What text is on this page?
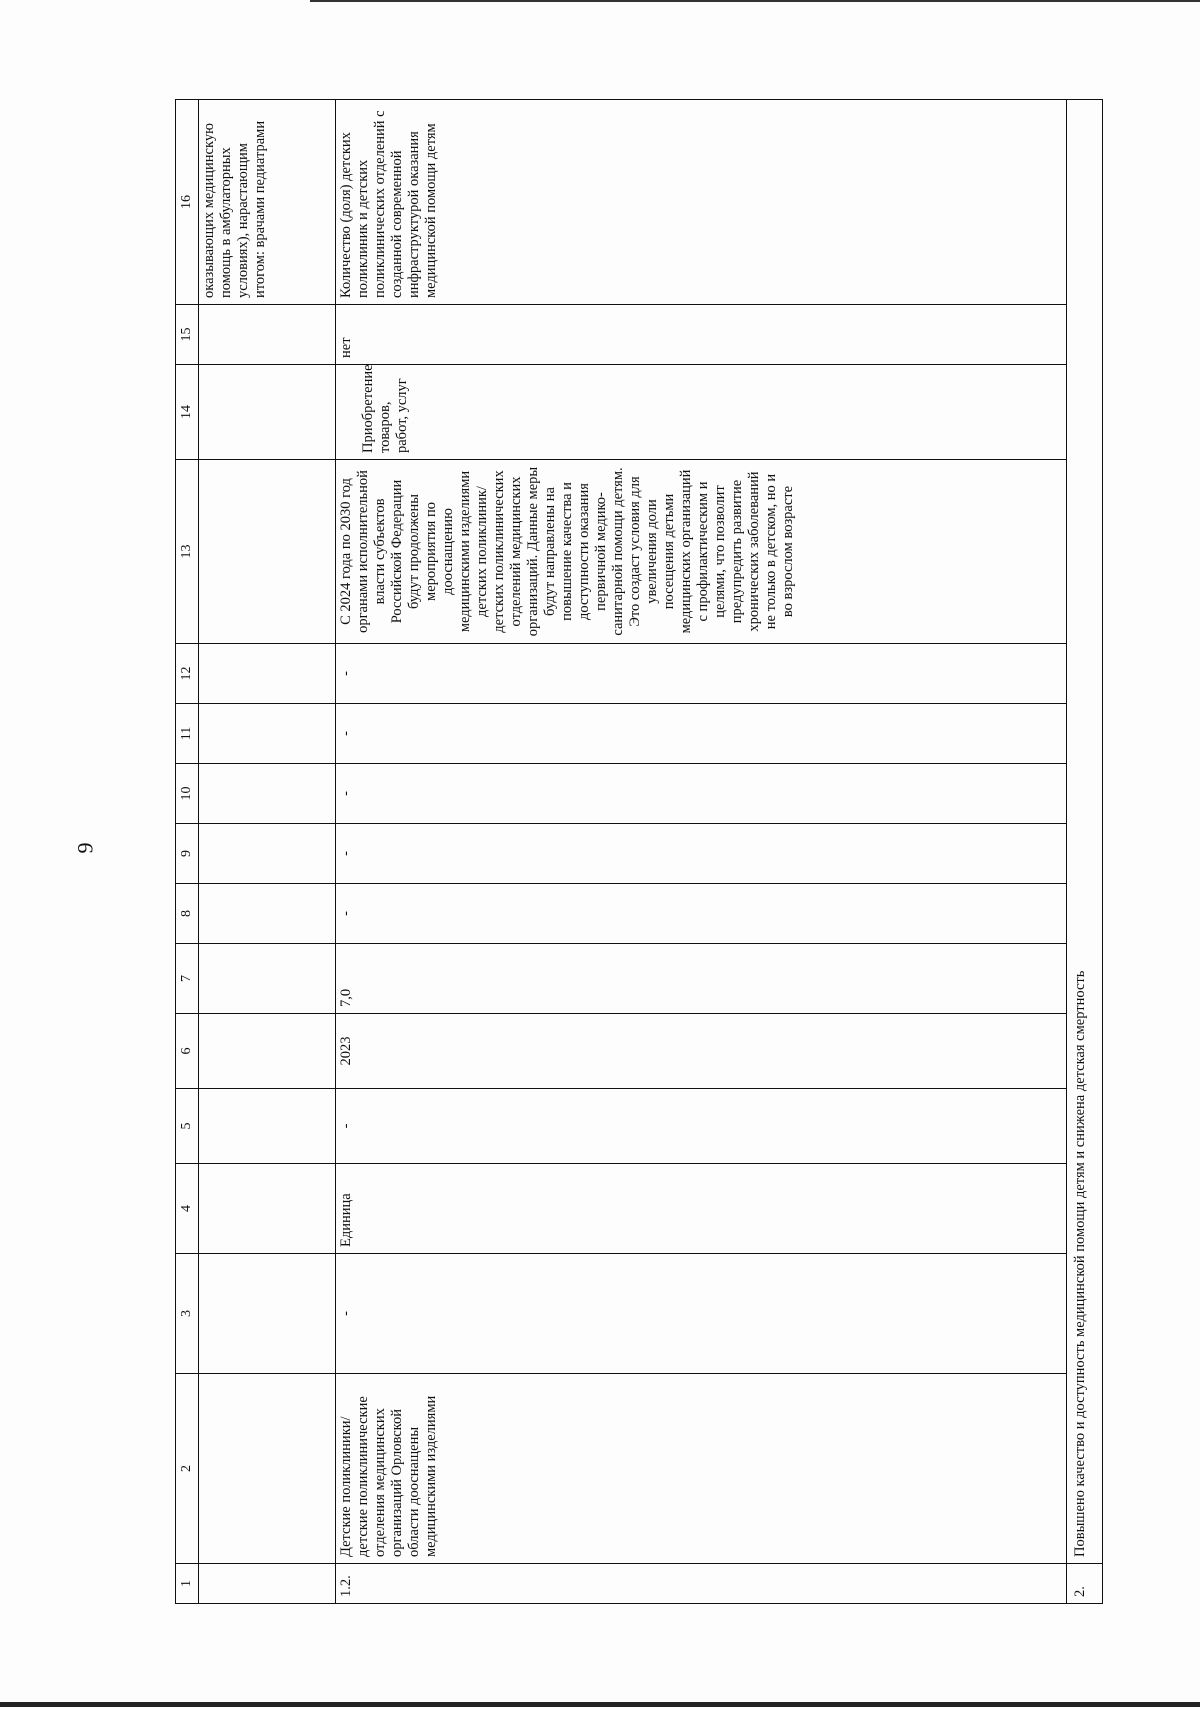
9
1	2	3	4	5	6	7	8	9	10	11	12	13	14	15	16
															оказывающих медицинскую помощь в амбулаторных условиях), нарастающим итогом: врачами педиатрами
1.2.	Детские поликлиники/детские поликлинические отделения медицинских организаций Орловской области дооснащены медицинскими изделиями	-	Единица	-	2023	7,0	-	-	-	-	-	С 2024 года по 2030 год органами исполнительной власти субъектов Российской Федерации будут продолжены мероприятия по дооснащению медицинскими изделиями детских поликлиник/детских поликлинических отделений медицинских организаций. Данные меры будут направлены на повышение качества и доступности оказания первичной медико-санитарной помощи детям. Это создаст условия для увеличения доли посещения детьми медицинских организаций с профилактическим и целями, что позволит предупредить развитие хронических заболеваний не только в детском, но и во взрослом возрасте	Приобретение товаров, работ, услуг	нет	Количество (доля) детских поликлиник и детских поликлинических отделений с созданной современной инфраструктурой оказания медицинской помощи детям
2.	Повышено качество и доступность медицинской помощи детям и снижена детская смертность														
